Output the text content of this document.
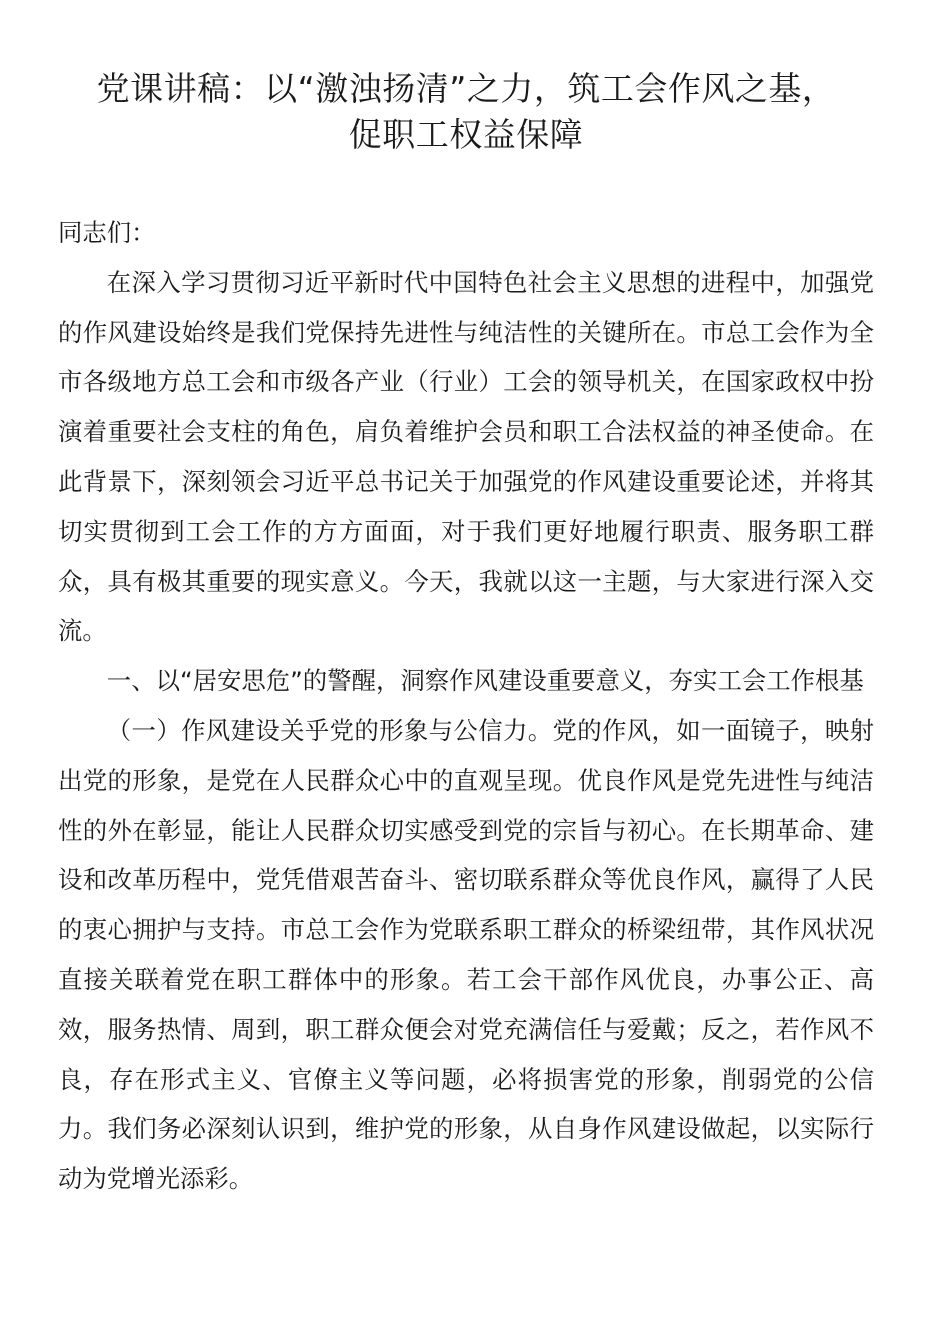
党课讲稿：以“激浊扬清”之力，筑工会作风之基，
促职工权益保障

同志们：

在深入学习贯彻习近平新时代中国特色社会主义思想的进程中，加强党的作风建设始终是我们党保持先进性与纯洁性的关键所在。市总工会作为全市各级地方总工会和市级各产业（行业）工会的领导机关，在国家政权中扮演着重要社会支柱的角色，肩负着维护会员和职工合法权益的神圣使命。在此背景下，深刻领会习近平总书记关于加强党的作风建设重要论述，并将其切实贯彻到工会工作的方方面面，对于我们更好地履行职责、服务职工群众，具有极其重要的现实意义。今天，我就以这一主题，与大家进行深入交流。

一、以“居安思危”的警醒，洞察作风建设重要意义，夯实工会工作根基

（一）作风建设关乎党的形象与公信力。党的作风，如一面镜子，映射出党的形象，是党在人民群众心中的直观呈现。优良作风是党先进性与纯洁性的外在彰显，能让人民群众切实感受到党的宗旨与初心。在长期革命、建设和改革历程中，党凭借艰苦奋斗、密切联系群众等优良作风，赢得了人民的衷心拥护与支持。市总工会作为党联系职工群众的桥梁纽带，其作风状况直接关联着党在职工群体中的形象。若工会干部作风优良，办事公正、高效，服务热情、周到，职工群众便会对党充满信任与爱戴；反之，若作风不良，存在形式主义、官僚主义等问题，必将损害党的形象，削弱党的公信力。我们务必深刻认识到，维护党的形象，从自身作风建设做起，以实际行动为党增光添彩。
